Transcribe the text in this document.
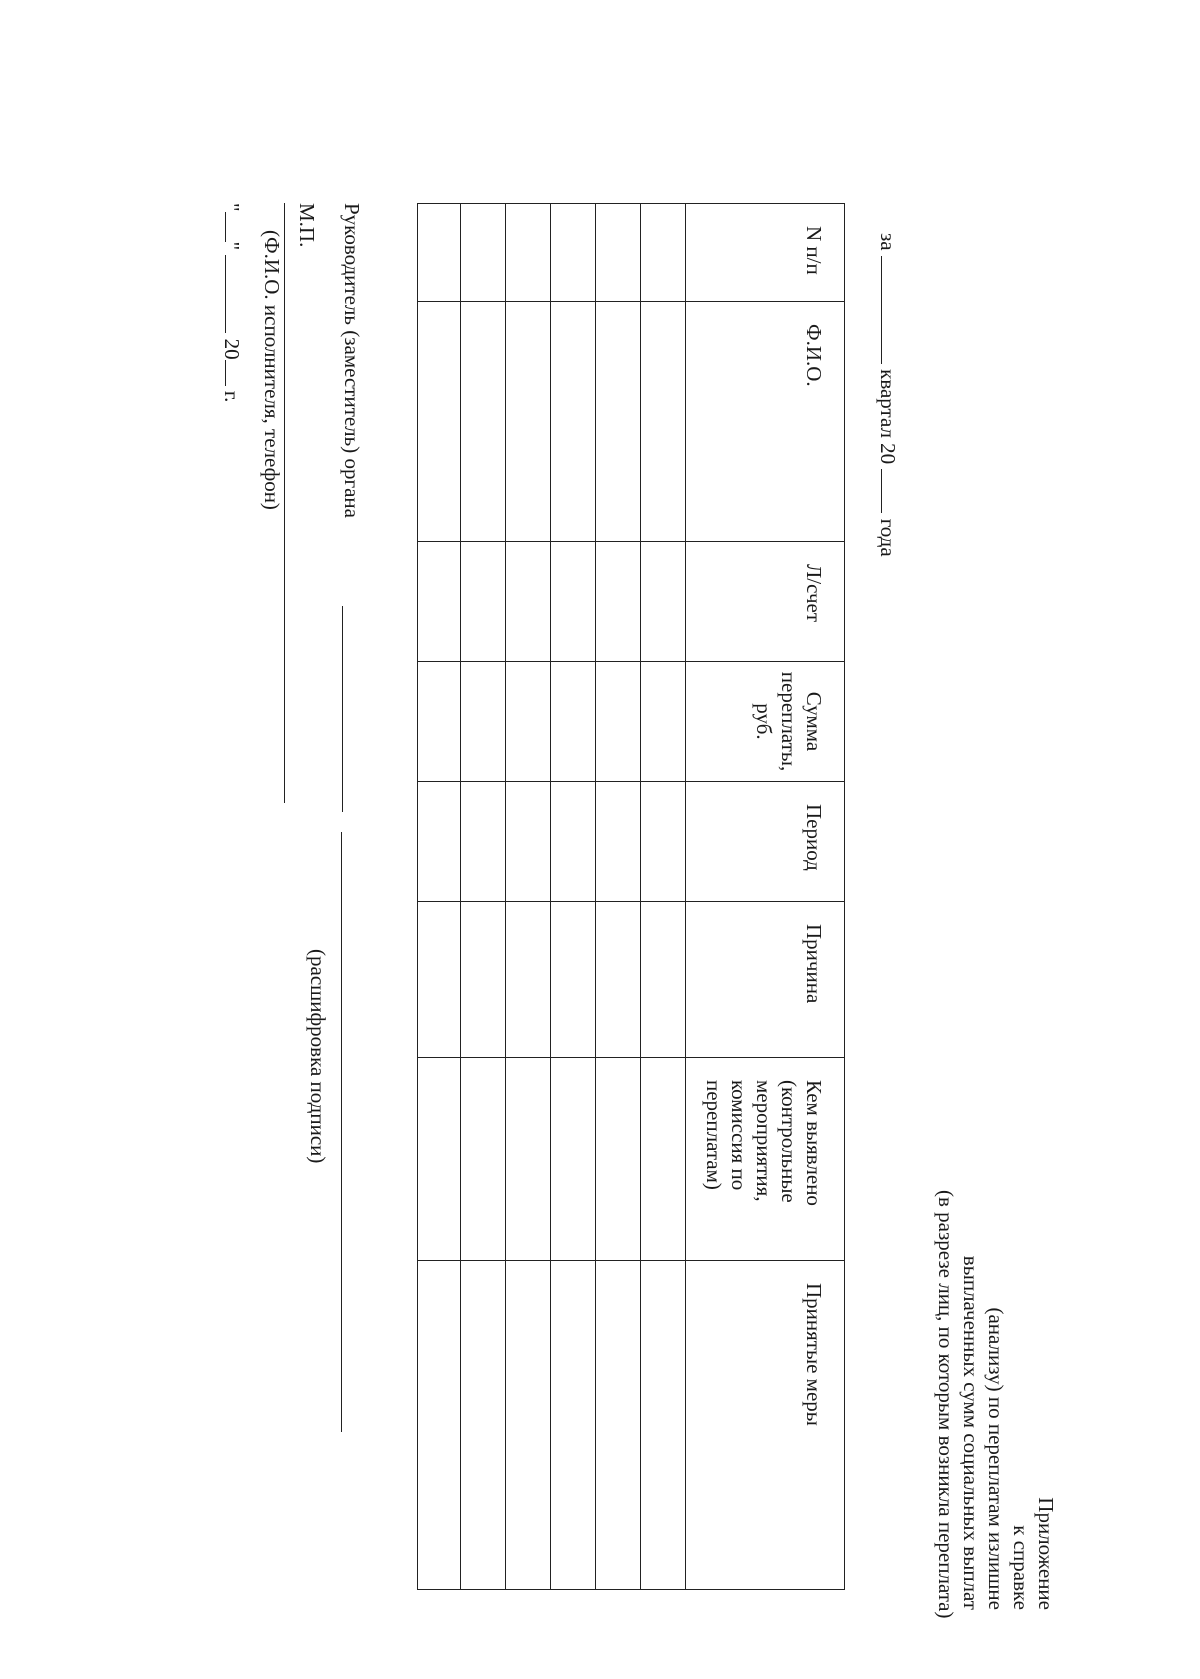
Приложение
к справке
(анализу) по переплатам излишне
выплаченных сумм социальных выплат
(в разрезе лиц, по которым возникла переплата)
за  квартал 20  года
N п/п	Ф.И.О.	Л/счет	Сумма переплаты, руб.	Период	Причина	Кем выявлено (контрольные мероприятия, комиссия по переплатам)	Принятые меры

Руководитель (заместитель) органа
(расшифровка подписи)
М.П.
(Ф.И.О. исполнителя, телефон)
""  20 г.
